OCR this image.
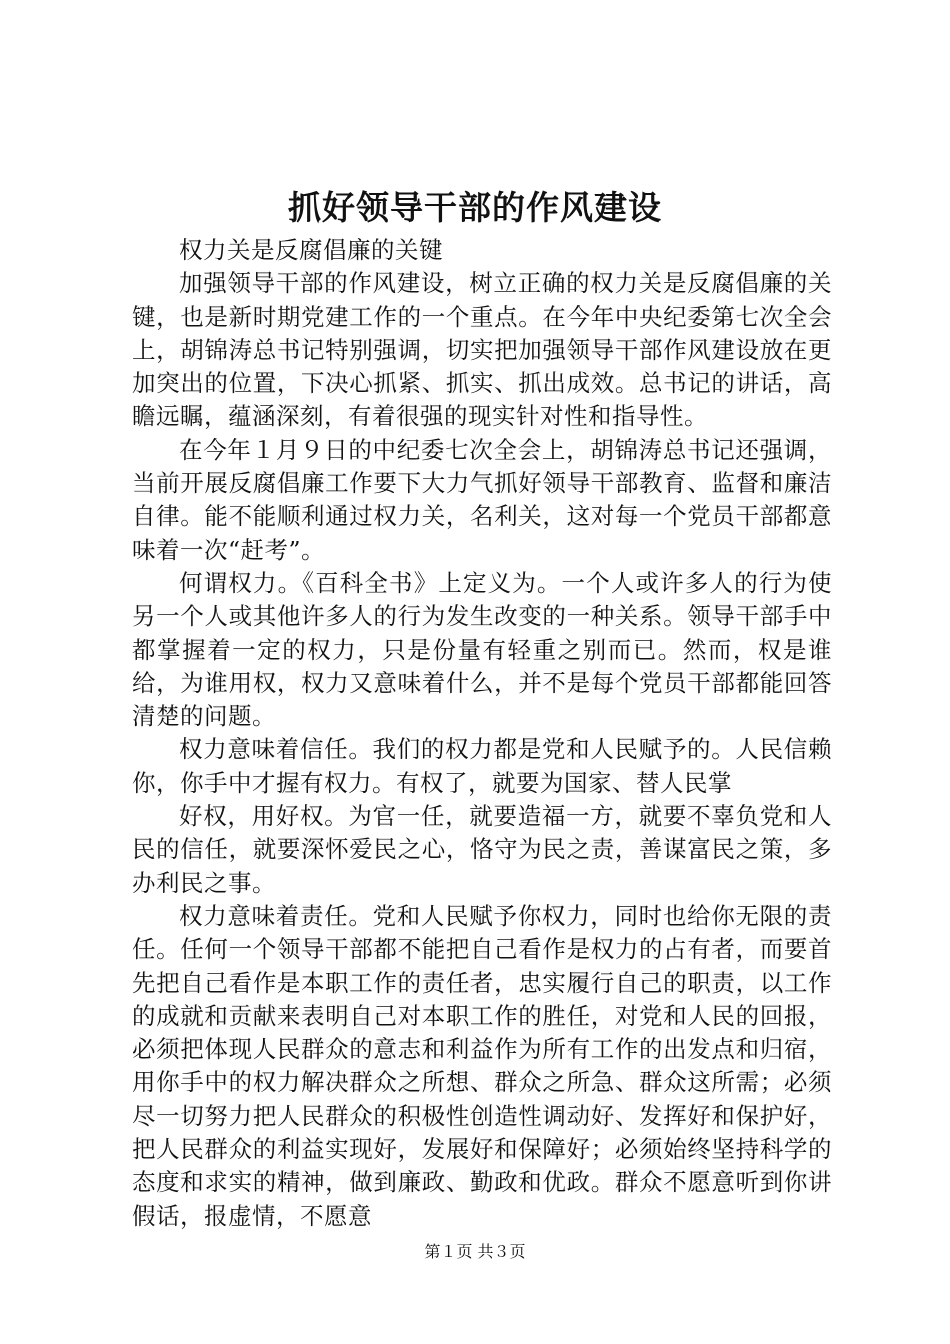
抓好领导干部的作风建设

权力关是反腐倡廉的关键

加强领导干部的作风建设，树立正确的权力关是反腐倡廉的关键，也是新时期党建工作的一个重点。在今年中央纪委第七次全会上，胡锦涛总书记特别强调，切实把加强领导干部作风建设放在更加突出的位置，下决心抓紧、抓实、抓出成效。总书记的讲话，高瞻远瞩，蕴涵深刻，有着很强的现实针对性和指导性。

在今年１月９日的中纪委七次全会上，胡锦涛总书记还强调，当前开展反腐倡廉工作要下大力气抓好领导干部教育、监督和廉洁自律。能不能顺利通过权力关，名利关，这对每一个党员干部都意味着一次“赶考”。

何谓权力。《百科全书》上定义为。一个人或许多人的行为使另一个人或其他许多人的行为发生改变的一种关系。领导干部手中都掌握着一定的权力，只是份量有轻重之别而已。然而，权是谁给，为谁用权，权力又意味着什么，并不是每个党员干部都能回答清楚的问题。

权力意味着信任。我们的权力都是党和人民赋予的。人民信赖你，你手中才握有权力。有权了，就要为国家、替人民掌

好权，用好权。为官一任，就要造福一方，就要不辜负党和人民的信任，就要深怀爱民之心，恪守为民之责，善谋富民之策，多办利民之事。

权力意味着责任。党和人民赋予你权力，同时也给你无限的责任。任何一个领导干部都不能把自己看作是权力的占有者，而要首先把自己看作是本职工作的责任者，忠实履行自己的职责，以工作的成就和贡献来表明自己对本职工作的胜任，对党和人民的回报，必须把体现人民群众的意志和利益作为所有工作的出发点和归宿，用你手中的权力解决群众之所想、群众之所急、群众这所需；必须尽一切努力把人民群众的积极性创造性调动好、发挥好和保护好，把人民群众的利益实现好，发展好和保障好；必须始终坚持科学的态度和求实的精神，做到廉政、勤政和优政。群众不愿意听到你讲假话，报虚情，不愿意

第１页 共３页
